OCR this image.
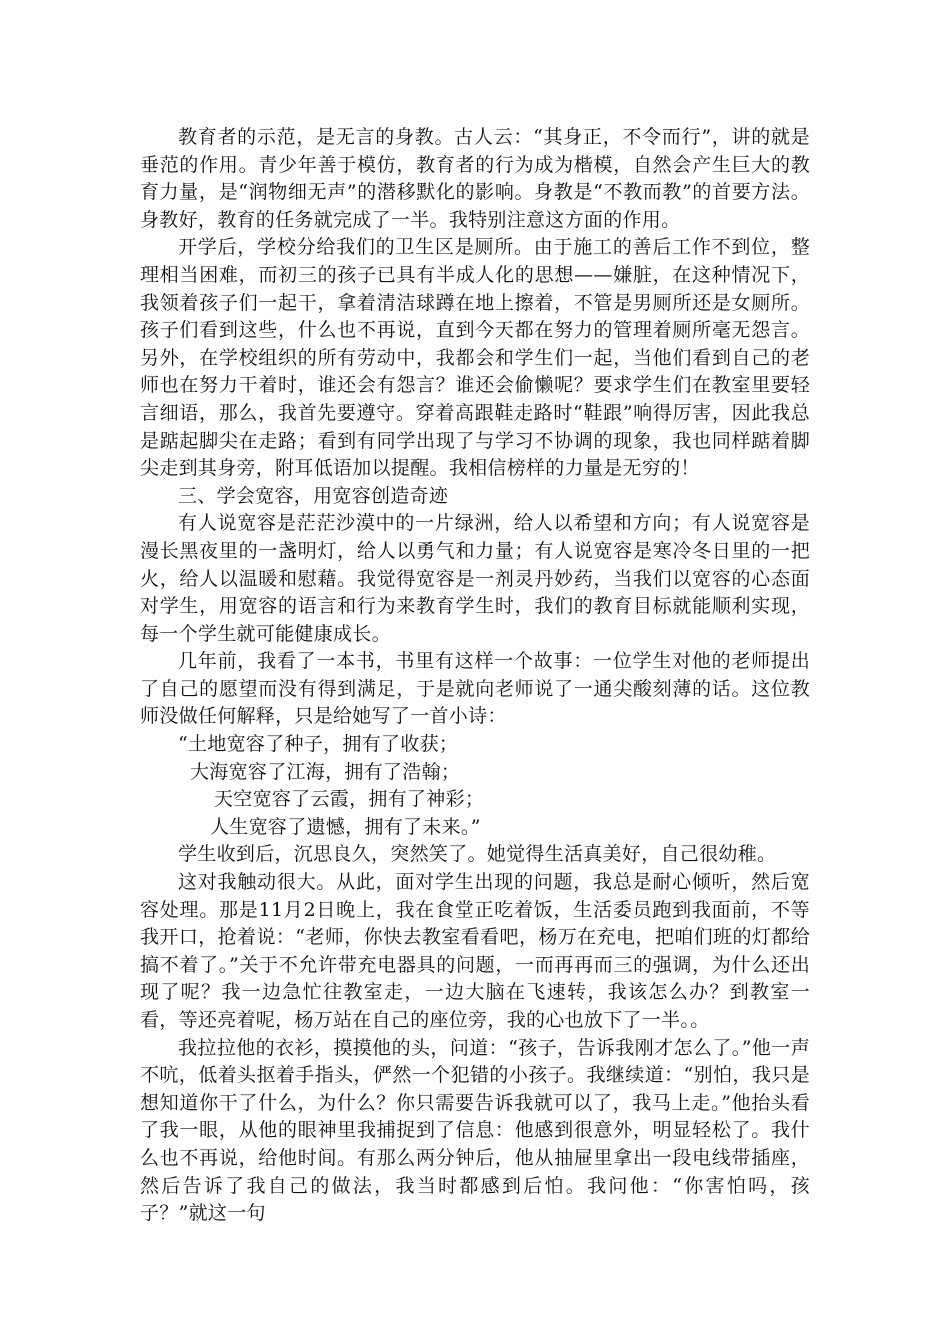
教育者的示范，是无言的身教。古人云：“其身正，不令而行”，讲的就是垂范的作用。青少年善于模仿，教育者的行为成为楷模，自然会产生巨大的教育力量，是“润物细无声”的潜移默化的影响。身教是“不教而教”的首要方法。身教好，教育的任务就完成了一半。我特别注意这方面的作用。

开学后，学校分给我们的卫生区是厕所。由于施工的善后工作不到位，整理相当困难，而初三的孩子已具有半成人化的思想——嫌脏，在这种情况下，我领着孩子们一起干，拿着清洁球蹲在地上擦着，不管是男厕所还是女厕所。孩子们看到这些，什么也不再说，直到今天都在努力的管理着厕所毫无怨言。另外，在学校组织的所有劳动中，我都会和学生们一起，当他们看到自己的老师也在努力干着时，谁还会有怨言？谁还会偷懒呢？要求学生们在教室里要轻言细语，那么，我首先要遵守。穿着高跟鞋走路时“鞋跟”响得厉害，因此我总是踮起脚尖在走路；看到有同学出现了与学习不协调的现象，我也同样踮着脚尖走到其身旁，附耳低语加以提醒。我相信榜样的力量是无穷的！

三、学会宽容，用宽容创造奇迹

有人说宽容是茫茫沙漠中的一片绿洲，给人以希望和方向；有人说宽容是漫长黑夜里的一盏明灯，给人以勇气和力量；有人说宽容是寒冷冬日里的一把火，给人以温暖和慰藉。我觉得宽容是一剂灵丹妙药，当我们以宽容的心态面对学生，用宽容的语言和行为来教育学生时，我们的教育目标就能顺利实现，每一个学生就可能健康成长。

几年前，我看了一本书，书里有这样一个故事：一位学生对他的老师提出了自己的愿望而没有得到满足，于是就向老师说了一通尖酸刻薄的话。这位教师没做任何解释，只是给她写了一首小诗：

“土地宽容了种子，拥有了收获；

大海宽容了江海，拥有了浩翰；

天空宽容了云霞，拥有了神彩；

人生宽容了遗憾，拥有了未来。”

学生收到后，沉思良久，突然笑了。她觉得生活真美好，自己很幼稚。

这对我触动很大。从此，面对学生出现的问题，我总是耐心倾听，然后宽容处理。那是11月2日晚上，我在食堂正吃着饭，生活委员跑到我面前，不等我开口，抢着说：“老师，你快去教室看看吧，杨万在充电，把咱们班的灯都给搞不着了。”关于不允许带充电器具的问题，一而再再而三的强调，为什么还出现了呢？我一边急忙往教室走，一边大脑在飞速转，我该怎么办？到教室一看，等还亮着呢，杨万站在自己的座位旁，我的心也放下了一半。。

我拉拉他的衣衫，摸摸他的头，问道：“孩子，告诉我刚才怎么了。”他一声不吭，低着头抠着手指头，俨然一个犯错的小孩子。我继续道：“别怕，我只是想知道你干了什么，为什么？你只需要告诉我就可以了，我马上走。”他抬头看了我一眼，从他的眼神里我捕捉到了信息：他感到很意外，明显轻松了。我什么也不再说，给他时间。有那么两分钟后，他从抽屉里拿出一段电线带插座，然后告诉了我自己的做法，我当时都感到后怕。我问他：“你害怕吗，孩子？”就这一句
